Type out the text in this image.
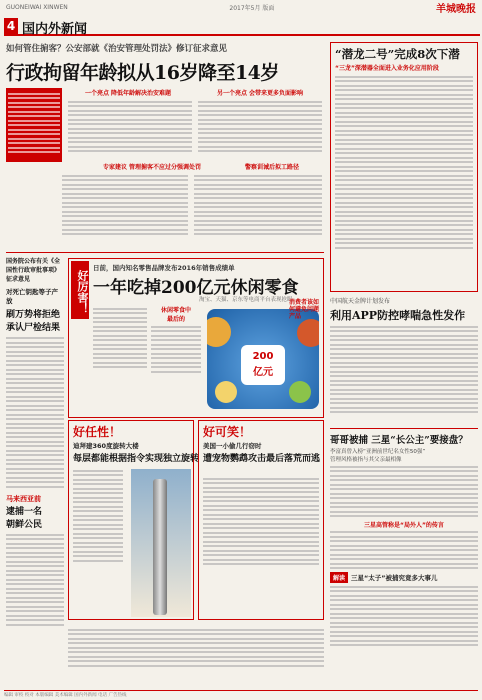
GUONEIWAI XINWEN	2017年5月 版面	羊城晚报
4 国内外新闻
如何管住掮客？公安部就《治安管理处罚法》修订征求意见
行政拘留年龄拟从16岁降至14岁
一个亮点 降低年龄解决治安难题	另一个亮点 会带来更多负面影响
专家建议 管理掮客不应过分强调处罚	警察训诫后拟工路径
国务院公布有关《全国性行政审批事项》征求意见
对死亡钥匙等子产放
刷万势将拒绝
承认尸检结果
马来西亚前
逮捕一名
朝鲜公民
好厉害！
日前，国内知名零售品牌发布2016年销售成绩单
一年吃掉200亿元休闲零食
淘宝、天猫、京东等电商平台表现抢眼
休闲零食中
最后的
200
亿元
消费者该如何避免问题产品
好任性！
迪拜建360度旋转大楼
每层都能根据指令实现独立旋转
好可笑！
美国一小偷几行窃时
遭宠物鹦鹉攻击最后落荒而逃
“潜龙二号”完成8次下潜
“三龙”深潜器全面进入业务化应用阶段
中国航天金牌计划发布
利用APP防控哮喘急性发作
哥哥被捕 三星“长公主”要接盘？
李富真曾入榜“亚洲前世纪名女性50强”
管理风格被指与其父亲最相像
三星高管称是“局外人”的传言
解读 三星“太子”被捕究竟多大事儿
编辑 审校 校对 本版编辑 美术编辑 国内外新闻 电话 广告热线
